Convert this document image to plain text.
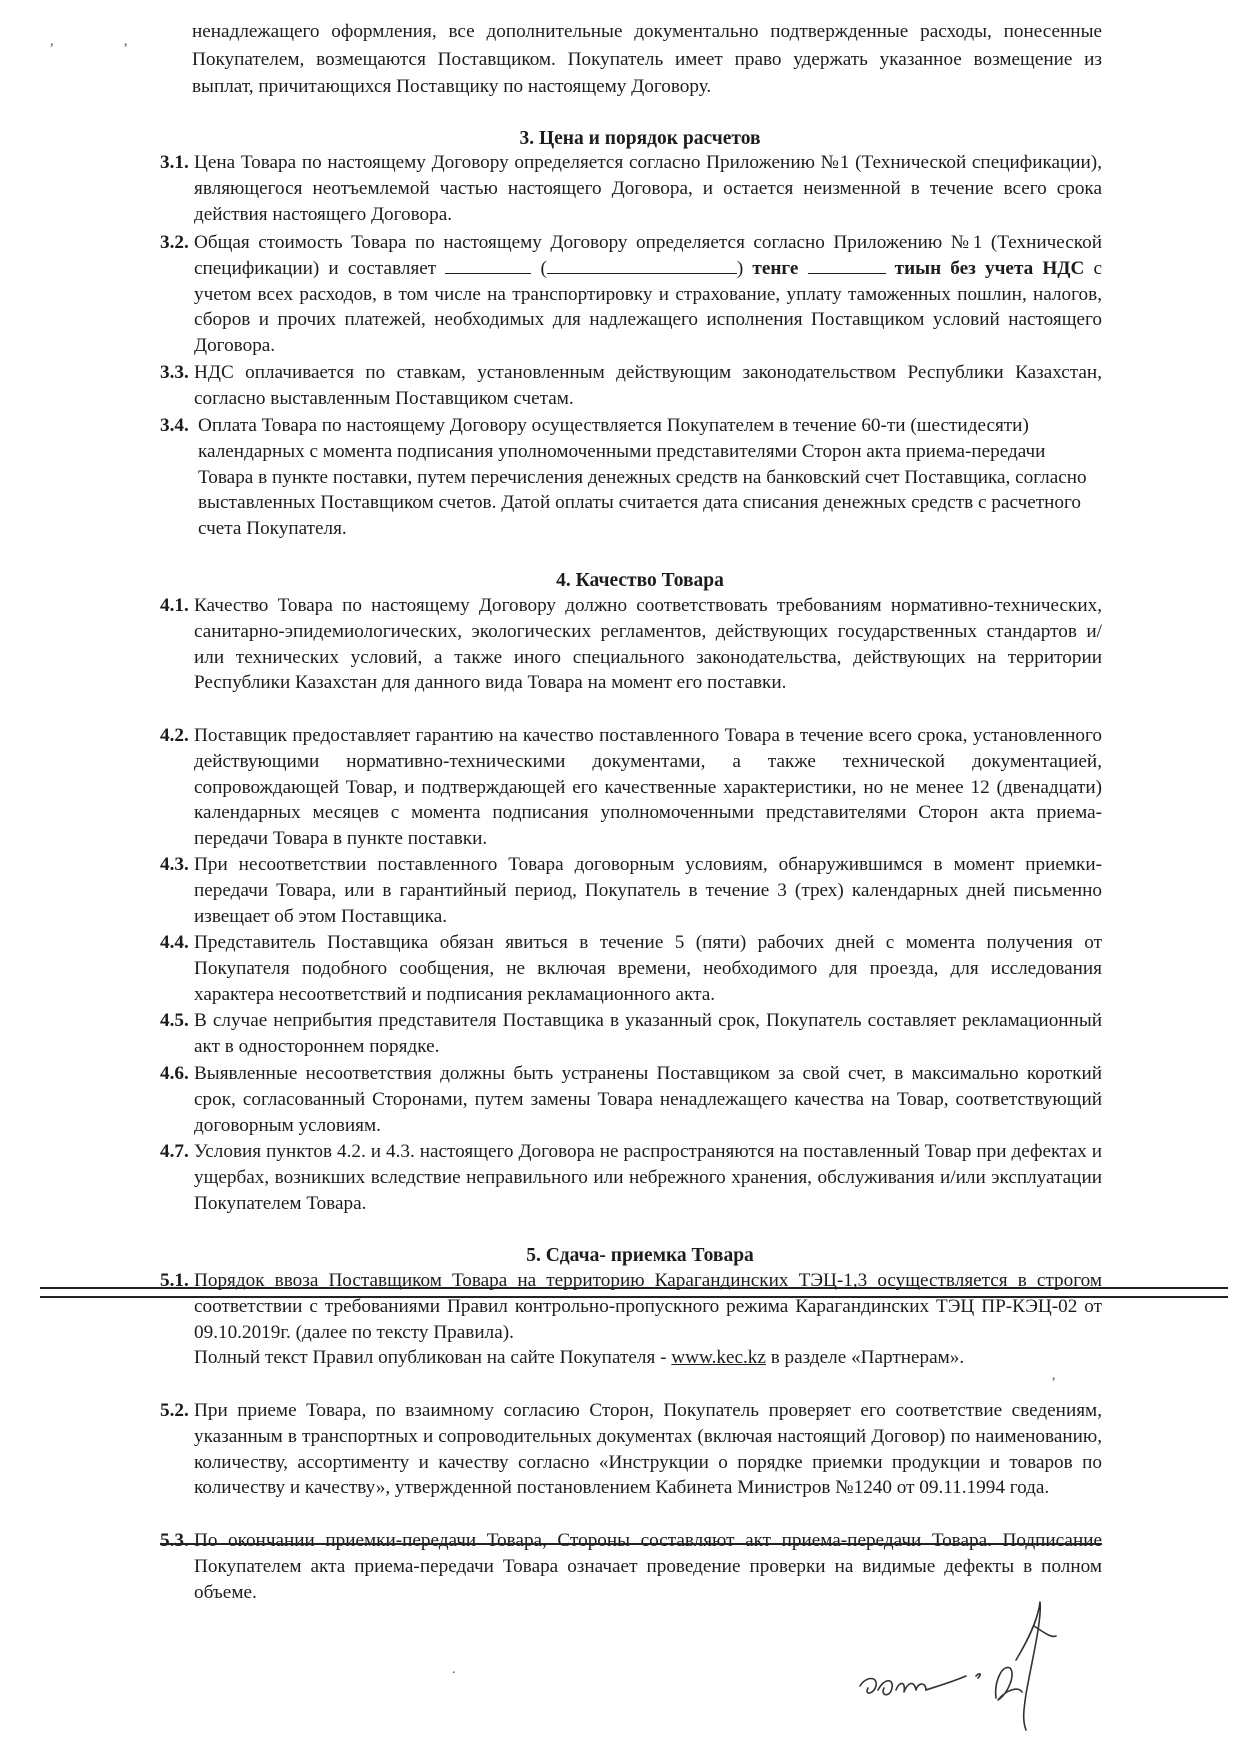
,	,	ненадлежащего оформления, все дополнительные документально подтвержденные расходы, понесенные Покупателем, возмещаются Поставщиком. Покупатель имеет право удержать указанное возмещение из выплат, причитающихся Поставщику по настоящему Договору.
3. Цена и порядок расчетов
3.1. Цена Товара по настоящему Договору определяется согласно Приложению №1 (Технической спецификации), являющегося неотъемлемой частью настоящего Договора, и остается неизменной в течение всего срока действия настоящего Договора.
3.2. Общая стоимость Товара по настоящему Договору определяется согласно Приложению №1 (Технической спецификации) и составляет	(	) тенге	тиын без учета НДС с учетом всех расходов, в том числе на транспортировку и страхование, уплату таможенных пошлин, налогов, сборов и прочих платежей, необходимых для надлежащего исполнения Поставщиком условий настоящего Договора.
3.3. НДС оплачивается по ставкам, установленным действующим законодательством Республики Казахстан, согласно выставленным Поставщиком счетам.
3.4. Оплата Товара по настоящему Договору осуществляется Покупателем в течение 60-ти (шестидесяти) календарных с момента подписания уполномоченными представителями Сторон акта приема-передачи Товара в пункте поставки, путем перечисления денежных средств на банковский счет Поставщика, согласно выставленных Поставщиком счетов. Датой оплаты считается дата списания денежных средств с расчетного счета Покупателя.
4. Качество Товара
4.1. Качество Товара по настоящему Договору должно соответствовать требованиям нормативно-технических, санитарно-эпидемиологических, экологических регламентов, действующих государственных стандартов и/или технических условий, а также иного специального законодательства, действующих на территории Республики Казахстан для данного вида Товара на момент его поставки.
4.2. Поставщик предоставляет гарантию на качество поставленного Товара в течение всего срока, установленного действующими нормативно-техническими документами, а также технической документацией, сопровождающей Товар, и подтверждающей его качественные характеристики, но не менее 12 (двенадцати) календарных месяцев с момента подписания уполномоченными представителями Сторон акта приема-передачи Товара в пункте поставки.
4.3. При несоответствии поставленного Товара договорным условиям, обнаружившимся в момент приемки-передачи Товара, или в гарантийный период, Покупатель в течение 3 (трех) календарных дней письменно извещает об этом Поставщика.
4.4. Представитель Поставщика обязан явиться в течение 5 (пяти) рабочих дней с момента получения от Покупателя подобного сообщения, не включая времени, необходимого для проезда, для исследования характера несоответствий и подписания рекламационного акта.
4.5. В случае неприбытия представителя Поставщика в указанный срок, Покупатель составляет рекламационный акт в одностороннем порядке.
4.6. Выявленные несоответствия должны быть устранены Поставщиком за свой счет, в максимально короткий срок, согласованный Сторонами, путем замены Товара ненадлежащего качества на Товар, соответствующий договорным условиям.
4.7. Условия пунктов 4.2. и 4.3. настоящего Договора не распространяются на поставленный Товар при дефектах и ущербах, возникших вследствие неправильного или небрежного хранения, обслуживания и/или эксплуатации Покупателем Товара.
5. Сдача- приемка Товара
5.1. Порядок ввоза Поставщиком Товара на территорию Карагандинских ТЭЦ-1,3 осуществляется в строгом соответствии с требованиями Правил контрольно-пропускного режима Карагандинских ТЭЦ ПР-КЭЦ-02 от 09.10.2019г. (далее по тексту Правила).

Полный текст Правил опубликован на сайте Покупателя - www.kec.kz в разделе «Партнерам».

5.2. При приеме Товара, по взаимному согласию Сторон, Покупатель проверяет его соответствие сведениям, указанным в транспортных и сопроводительных документах (включая настоящий Договор) по наименованию, количеству, ассортименту и качеству согласно «Инструкции о порядке приемки продукции и товаров по количеству и качеству», утвержденной постановлением Кабинета Министров №1240 от 09.11.1994 года.
5.3. По окончании приемки-передачи Товара, Стороны составляют акт приема-передачи Товара. Подписание Покупателем акта приема-передачи Товара означает проведение проверки на видимые дефекты в полном объеме.
.
,
